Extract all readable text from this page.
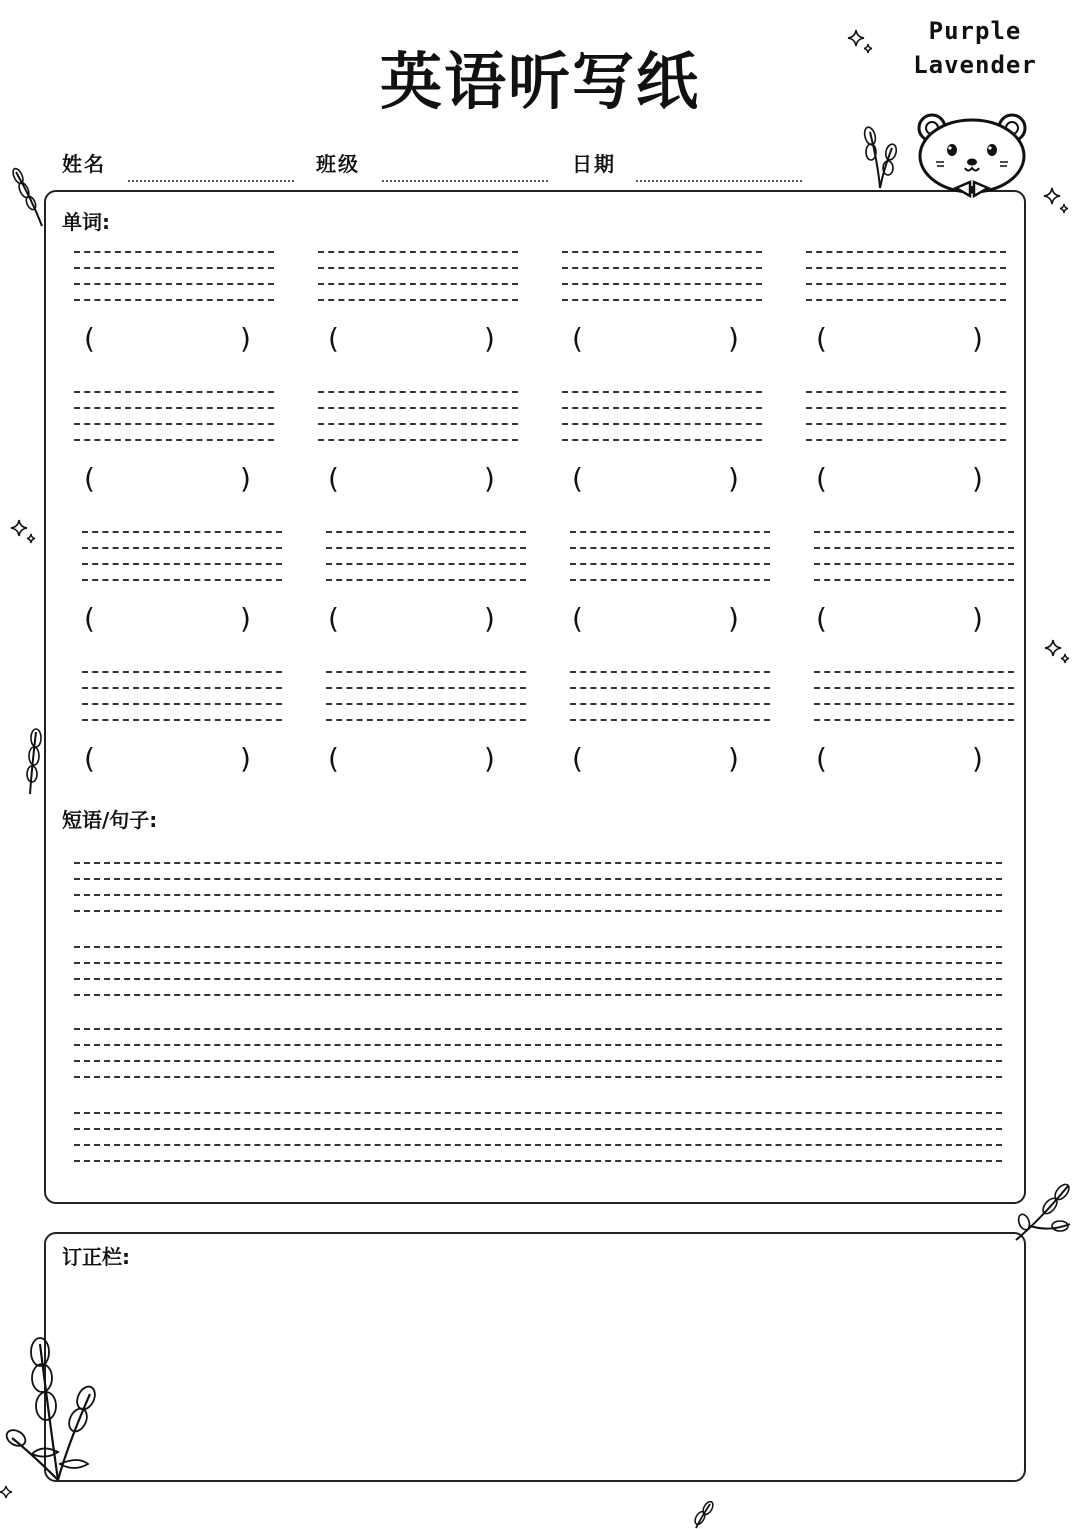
英语听写纸
Purple
Lavender
姓名	班级	日期
单词:
(	)	(	)	(	)	(	)
(	)	(	)	(	)	(	)
(	)	(	)	(	)	(	)
(	)	(	)	(	)	(	)
短语/句子:
订正栏:
